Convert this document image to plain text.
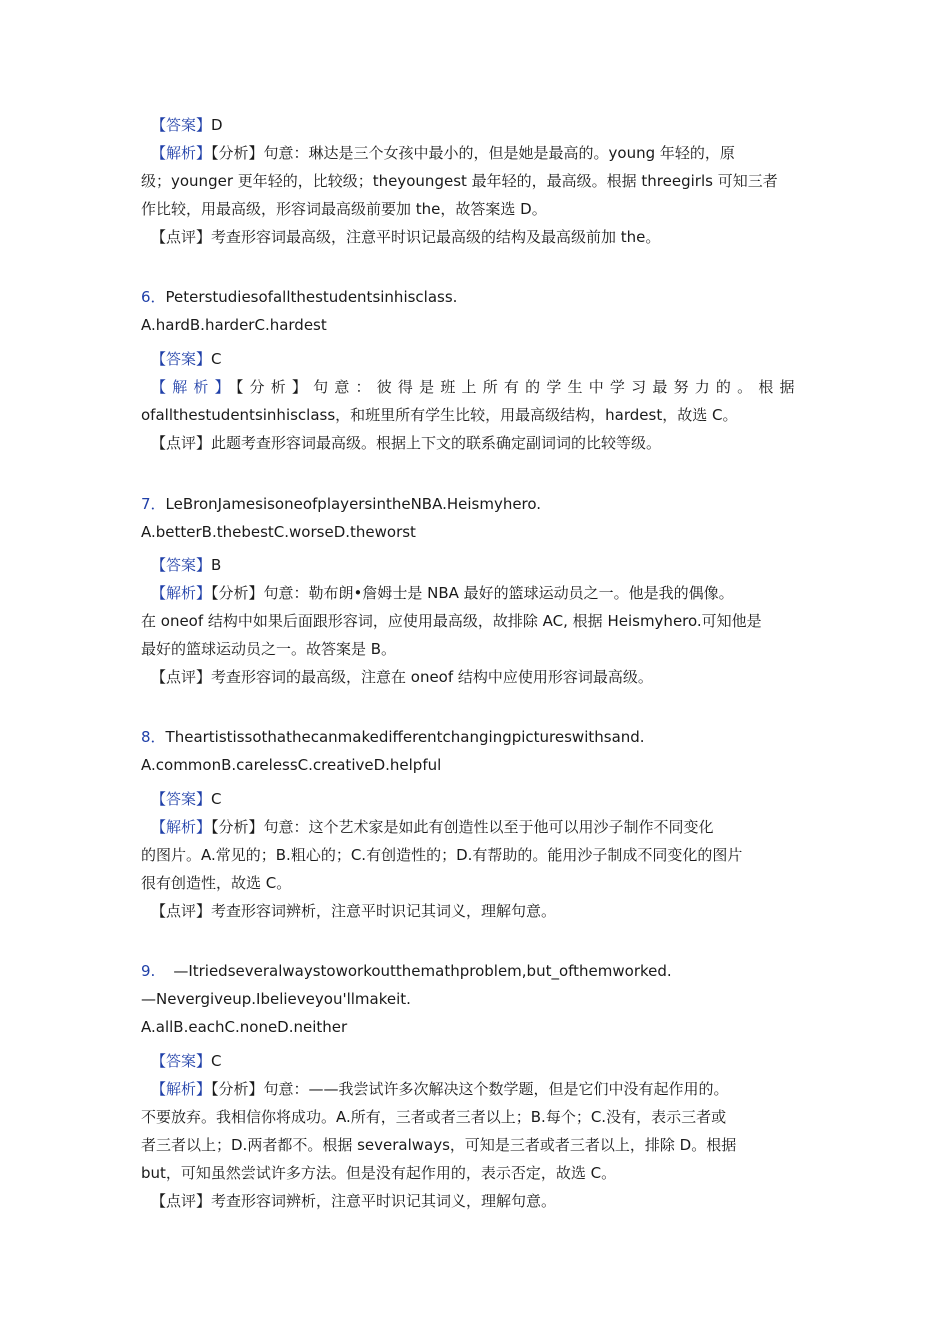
【答案】D
【解析】【分析】句意：琳达是三个女孩中最小的，但是她是最高的。young 年轻的，原
级；younger 更年轻的，比较级；theyoungest 最年轻的，最高级。根据 threegirls 可知三者
作比较，用最高级，形容词最高级前要加 the，故答案选 D。
【点评】考查形容词最高级，注意平时识记最高级的结构及最高级前加 the。
6．Peterstudiesofallthestudentsinhisclass.
A.hardB.harderC.hardest
【答案】C
【解析】【分析】句意：彼得是班上所有的学生中学习最努力的。根据
ofallthestudentsinhisclass，和班里所有学生比较，用最高级结构，hardest，故选 C。
【点评】此题考查形容词最高级。根据上下文的联系确定副词词的比较等级。
7．LeBronJamesisoneofplayersintheNBA.Heismyhero.
A.betterB.thebestC.worseD.theworst
【答案】B
【解析】【分析】句意：勒布朗•詹姆士是 NBA 最好的篮球运动员之一。他是我的偶像。
在 oneof 结构中如果后面跟形容词，应使用最高级，故排除 AC, 根据 Heismyhero.可知他是
最好的篮球运动员之一。故答案是 B。
【点评】考查形容词的最高级，注意在 oneof 结构中应使用形容词最高级。
8．Theartistissothathecanmakedifferentchangingpictureswithsand.
A.commonB.carelessC.creativeD.helpful
【答案】C
【解析】【分析】句意：这个艺术家是如此有创造性以至于他可以用沙子制作不同变化
的图片。A.常见的；B.粗心的；C.有创造性的；D.有帮助的。能用沙子制成不同变化的图片
很有创造性，故选 C。
【点评】考查形容词辨析，注意平时识记其词义，理解句意。
9. —Itriedseveralwaystoworkoutthemathproblem,but_ofthemworked.
—Nevergiveup.Ibelieveyou'llmakeit.
A.allB.eachC.noneD.neither
【答案】C
【解析】【分析】句意：——我尝试许多次解决这个数学题，但是它们中没有起作用的。
不要放弃。我相信你将成功。A.所有，三者或者三者以上；B.每个；C.没有，表示三者或
者三者以上；D.两者都不。根据 severalways，可知是三者或者三者以上，排除 D。根据
but，可知虽然尝试许多方法。但是没有起作用的，表示否定，故选 C。
【点评】考查形容词辨析，注意平时识记其词义，理解句意。
